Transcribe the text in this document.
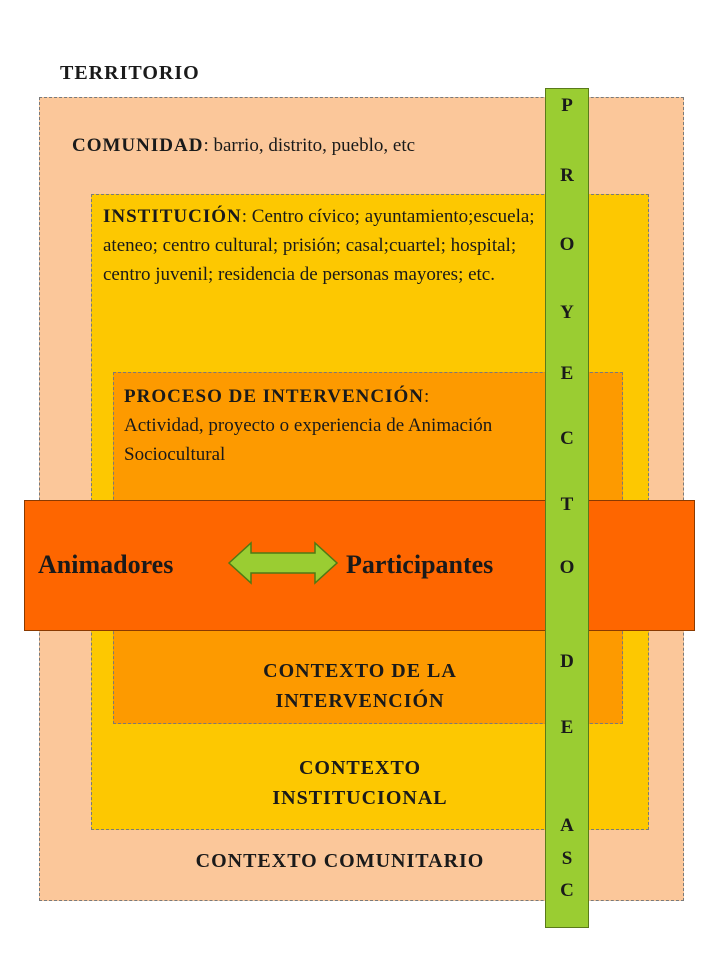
TERRITORIO
COMUNIDAD: barrio, distrito, pueblo, etc
INSTITUCIÓN: Centro cívico; ayuntamiento;escuela; ateneo; centro cultural; prisión; casal;cuartel; hospital; centro juvenil; residencia de personas mayores; etc.
PROCESO DE INTERVENCIÓN:
Actividad, proyecto o experiencia de Animación Sociocultural
CONTEXTO DE LA
INTERVENCIÓN
CONTEXTO
INSTITUCIONAL
CONTEXTO COMUNITARIO
Animadores	Participantes
P
R
O
Y
E
C
T
O
D
E
A
S
C
